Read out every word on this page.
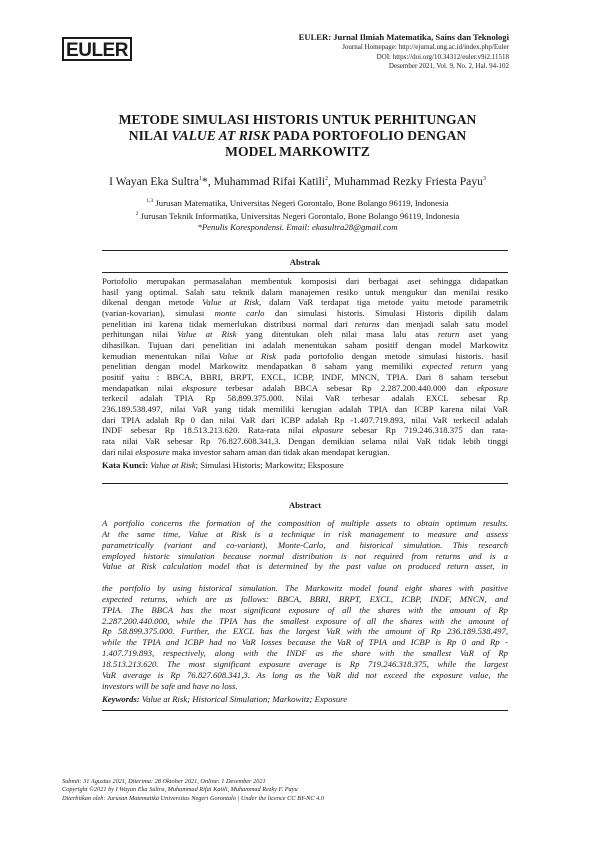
EULER
EULER: Jurnal Ilmiah Matematika, Sains dan Teknologi
Journal Homepage: http://ejurnal.ung.ac.id/index.php/Euler
DOI: https://doi.org/10.34312/euler.v9i2.11518
Desember 2021, Vol. 9, No. 2, Hal. 94-102
METODE SIMULASI HISTORIS UNTUK PERHITUNGAN
NILAI VALUE AT RISK PADA PORTOFOLIO DENGAN
MODEL MARKOWITZ
I Wayan Eka Sultra$^1$*, Muhammad Rifai Katili$^2$, Muhammad Rezky Friesta Payu$^3$
$^{1,3}$ Jurusan Matematika, Universitas Negeri Gorontalo, Bone Bolango 96119, Indonesia
$^2$ Jurusan Teknik Informatika, Universitas Negeri Gorontalo, Bone Bolango 96119, Indonesia
*Penulis Korespondensi. Email: ekasultra28@gmail.com
Abstrak
Portofolio merupakan permasalahan membentuk komposisi dari berbagai aset sehingga didapatkan
hasil yang optimal. Salah satu teknik dalam manajemen resiko untuk mengukur dan menilai resiko
dikenal dengan metode Value at Risk, dalam VaR terdapat tiga metode yaitu metode parametrik
(varian-kovarian), simulasi monte carlo dan simulasi historis. Simulasi Historis dipilih dalam
penelitian ini karena tidak memerlukan distribusi normal dari returns dan menjadi salah satu model
perhitungan nilai Value at Risk yang ditentukan oleh nilai masa lalu atas return aset yang
dihasilkan. Tujuan dari penelitian ini adalah menentukan saham positif dengan model Markowitz
kemudian menentukan nilai Value at Risk pada portofolio dengan metode simulasi historis. hasil
penelitian dengan model Markowitz mendapatkan 8 saham yang memiliki expected return yang
positif yaitu : BBCA, BBRI, BRPT, EXCL, ICBP, INDF, MNCN, TPIA. Dari 8 saham tersebut
mendapatkan nilai eksposure terbesar adalah BBCA sebesar Rp 2.287.200.440.000 dan ekposure
terkecil adalah TPIA Rp 58.899.375.000. Nilai VaR terbesar adalah EXCL sebesar Rp
236.189.538.497, nilai VaR yang tidak memiliki kerugian adalah TPIA dan ICBP karena nilai VaR
dari TPIA adalah Rp 0 dan nilai VaR dari ICBP adalah Rp -1.407.719.893, nilai VaR terkecil adalah
INDF sebesar Rp 18.513.213.620. Rata-rata nilai ekposure sebesar Rp 719.246.318.375 dan rata-
rata nilai VaR sebesar Rp 76.827.608.341,3. Dengan demikian selama nilai VaR tidak lebih tinggi
dari nilai eksposure maka investor saham aman dan tidak akan mendapat kerugian.
Kata Kunci: Value at Risk; Simulasi Historis; Markowitz; Eksposure
Abstract
A portfolio concerns the formation of the composition of multiple assets to obtain optimum results.
At the same time, Value at Risk is a technique in risk management to measure and assess
parametrically (variant and co-variant), Monte-Carlo, and historical simulation. This research
employed historic simulation because normal distribution is not required from returns and is a
Value at Risk calculation model that is determined by the past value on produced return asset, in
the portfolio by using historical simulation. The Markowitz model found eight shares with positive
expected returns, which are as follows: BBCA, BBRI, BRPT, EXCL, ICBP, INDF, MNCN, and
TPIA. The BBCA has the most significant exposure of all the shares with the amount of Rp
2.287.200.440.000, while the TPIA has the smallest exposure of all the shares with the amount of
Rp 58.899.375.000. Further, the EXCL has the largest VaR with the amount of Rp 236.189.538.497,
while the TPIA and ICBP had no VaR losses because the VaR of TPIA and ICBP is Rp 0 and Rp -
1.407.719.893, respectively, along with the INDF as the share with the smallest VaR of Rp
18.513.213.620. The most significant exposure average is Rp 719.246.318.375, while the largest
VaR average is Rp 76.827.608.341,3. As long as the VaR did not exceed the exposure value, the
investors will be safe and have no loss.
Keywords: Value at Risk; Historical Simulation; Markowitz; Exposure
Submit: 31 Agustus 2021, Diterima: 28 Oktober 2021, Online: 1 Desember 2021
Copyright ©2021 by I Wayan Eka Sultra, Muhammad Rifai Katili, Muhammad Rezky F. Payu
Diterbitkan oleh: Jurusan Matematika Universitas Negeri Gorontalo | Under the licence CC BY-NC 4.0
